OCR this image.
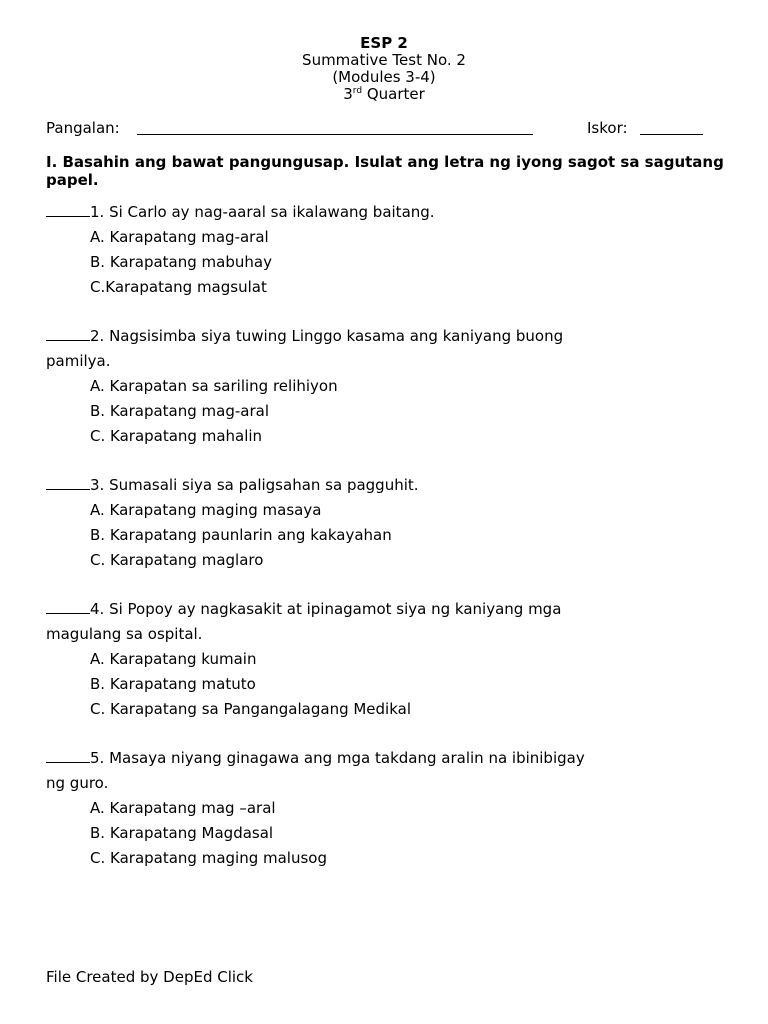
ESP 2
Summative Test No. 2
(Modules 3-4)
3rd Quarter
Pangalan:	Iskor:
I. Basahin ang bawat pangungusap. Isulat ang letra ng iyong sagot sa sagutang papel.

1. Si Carlo ay nag-aaral sa ikalawang baitang.

A. Karapatang mag-aral

B. Karapatang mabuhay

C.Karapatang magsulat

2. Nagsisimba siya tuwing Linggo kasama ang kaniyang buong

pamilya.

A. Karapatan sa sariling relihiyon

B. Karapatang mag-aral

C. Karapatang mahalin

3. Sumasali siya sa paligsahan sa pagguhit.

A. Karapatang maging masaya

B. Karapatang paunlarin ang kakayahan

C. Karapatang maglaro

4. Si Popoy ay nagkasakit at ipinagamot siya ng kaniyang mga

magulang sa ospital.

A. Karapatang kumain

B. Karapatang matuto

C. Karapatang sa Pangangalagang Medikal

5. Masaya niyang ginagawa ang mga takdang aralin na ibinibigay

ng guro.

A. Karapatang mag –aral

B. Karapatang Magdasal

C. Karapatang maging malusog

File Created by DepEd Click
